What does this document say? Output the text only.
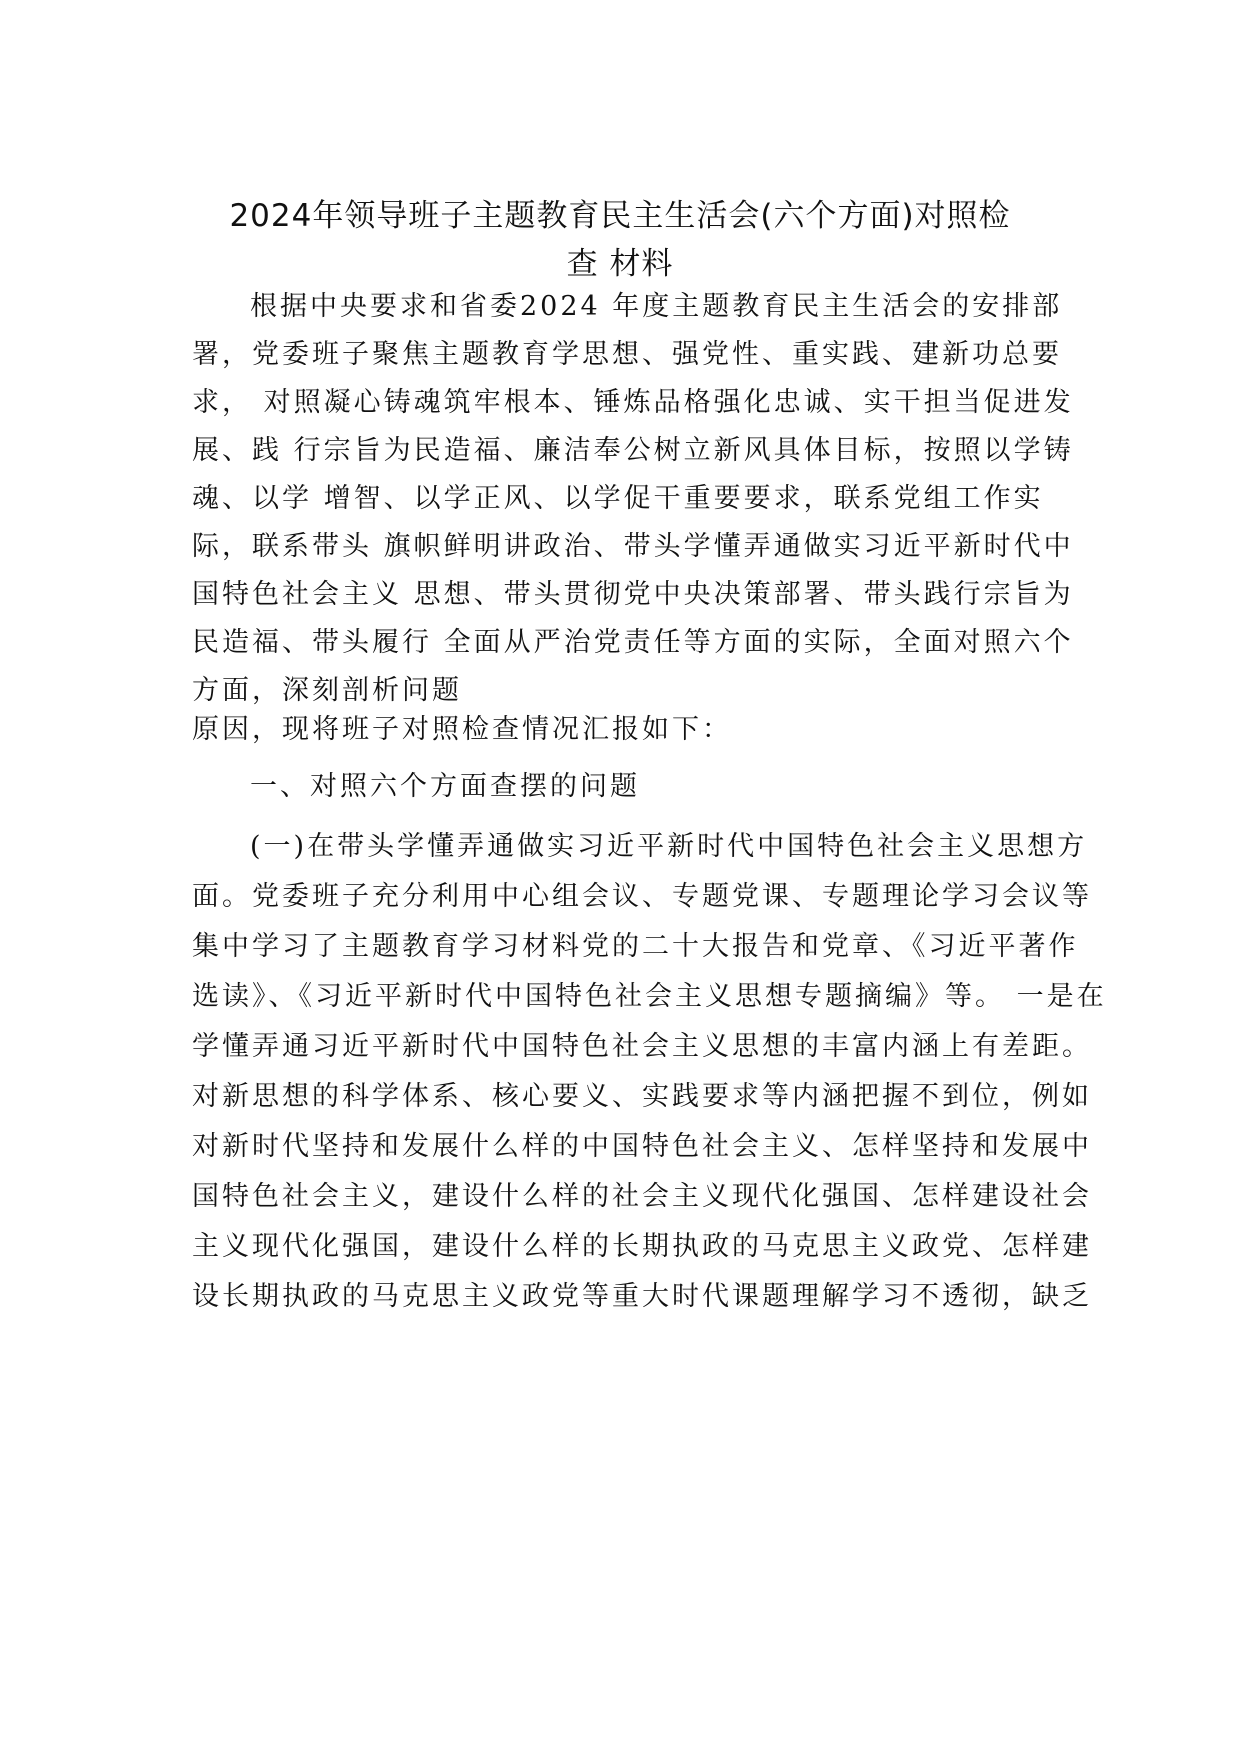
2024年领导班子主题教育民主生活会(六个方面)对照检
查 材料

根据中央要求和省委2024 年度主题教育民主生活会的安排部

署，党委班子聚焦主题教育学思想、强党性、重实践、建新功总要

求， 对照凝心铸魂筑牢根本、锤炼品格强化忠诚、实干担当促进发

展、践 行宗旨为民造福、廉洁奉公树立新风具体目标，按照以学铸

魂、以学 增智、以学正风、以学促干重要要求，联系党组工作实

际，联系带头 旗帜鲜明讲政治、带头学懂弄通做实习近平新时代中

国特色社会主义 思想、带头贯彻党中央决策部署、带头践行宗旨为

民造福、带头履行 全面从严治党责任等方面的实际，全面对照六个

方面，深刻剖析问题

原因，现将班子对照检查情况汇报如下：

一、对照六个方面查摆的问题

(一)在带头学懂弄通做实习近平新时代中国特色社会主义思想方

面。党委班子充分利用中心组会议、专题党课、专题理论学习会议等

集中学习了主题教育学习材料党的二十大报告和党章、《习近平著作

选读》、《习近平新时代中国特色社会主义思想专题摘编》等。 一是在

学懂弄通习近平新时代中国特色社会主义思想的丰富内涵上有差距。

对新思想的科学体系、核心要义、实践要求等内涵把握不到位，例如

对新时代坚持和发展什么样的中国特色社会主义、怎样坚持和发展中

国特色社会主义，建设什么样的社会主义现代化强国、怎样建设社会

主义现代化强国，建设什么样的长期执政的马克思主义政党、怎样建

设长期执政的马克思主义政党等重大时代课题理解学习不透彻，缺乏
